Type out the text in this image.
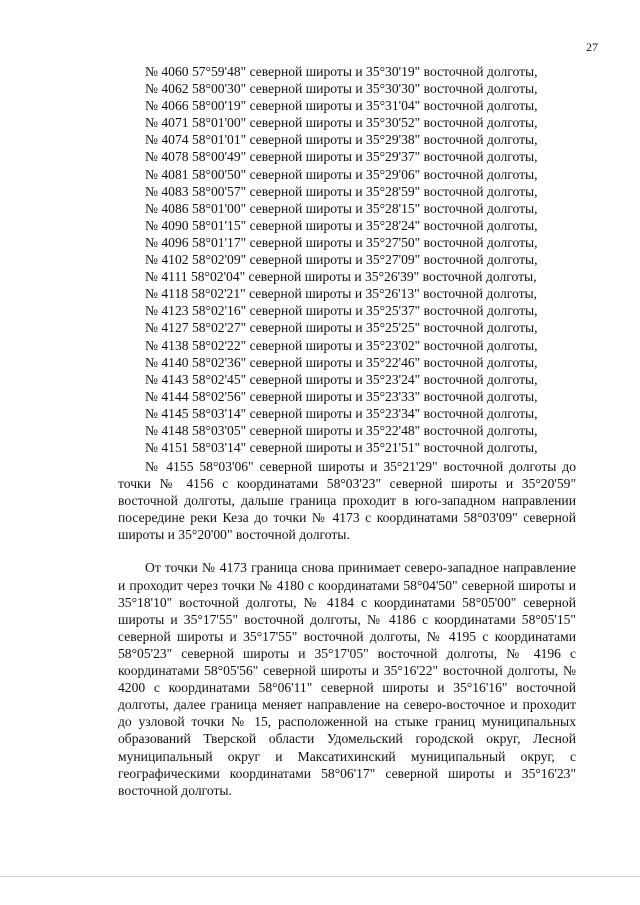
27
№ 4060 57°59'48" северной широты и 35°30'19" восточной долготы,
№ 4062 58°00'30" северной широты и 35°30'30" восточной долготы,
№ 4066 58°00'19" северной широты и 35°31'04" восточной долготы,
№ 4071 58°01'00" северной широты и 35°30'52" восточной долготы,
№ 4074 58°01'01" северной широты и 35°29'38" восточной долготы,
№ 4078 58°00'49" северной широты и 35°29'37" восточной долготы,
№ 4081 58°00'50" северной широты и 35°29'06" восточной долготы,
№ 4083 58°00'57" северной широты и 35°28'59" восточной долготы,
№ 4086 58°01'00" северной широты и 35°28'15" восточной долготы,
№ 4090 58°01'15" северной широты и 35°28'24" восточной долготы,
№ 4096 58°01'17" северной широты и 35°27'50" восточной долготы,
№ 4102 58°02'09" северной широты и 35°27'09" восточной долготы,
№ 4111 58°02'04" северной широты и 35°26'39" восточной долготы,
№ 4118 58°02'21" северной широты и 35°26'13" восточной долготы,
№ 4123 58°02'16" северной широты и 35°25'37" восточной долготы,
№ 4127 58°02'27" северной широты и 35°25'25" восточной долготы,
№ 4138 58°02'22" северной широты и 35°23'02" восточной долготы,
№ 4140 58°02'36" северной широты и 35°22'46" восточной долготы,
№ 4143 58°02'45" северной широты и 35°23'24" восточной долготы,
№ 4144 58°02'56" северной широты и 35°23'33" восточной долготы,
№ 4145 58°03'14" северной широты и 35°23'34" восточной долготы,
№ 4148 58°03'05" северной широты и 35°22'48" восточной долготы,
№ 4151 58°03'14" северной широты и 35°21'51" восточной долготы,

№ 4155 58°03'06" северной широты и 35°21'29" восточной долготы до точки № 4156 с координатами 58°03'23" северной широты и 35°20'59" восточной долготы, дальше граница проходит в юго-западном направлении посередине реки Кеза до точки № 4173 с координатами 58°03'09" северной широты и 35°20'00" восточной долготы.

От точки № 4173 граница снова принимает северо-западное направление и проходит через точки № 4180 с координатами 58°04'50" северной широты и 35°18'10" восточной долготы, № 4184 с координатами 58°05'00" северной широты и 35°17'55" восточной долготы, № 4186 с координатами 58°05'15" северной широты и 35°17'55" восточной долготы, № 4195 с координатами 58°05'23" северной широты и 35°17'05" восточной долготы, № 4196 с координатами 58°05'56" северной широты и 35°16'22" восточной долготы, № 4200 с координатами 58°06'11" северной широты и 35°16'16" восточной долготы, далее граница меняет направление на северо-восточное и проходит до узловой точки № 15, расположенной на стыке границ муниципальных образований Тверской области Удомельский городской округ, Лесной муниципальный округ и Максатихинский муниципальный округ, с географическими координатами 58°06'17" северной широты и 35°16'23" восточной долготы.
